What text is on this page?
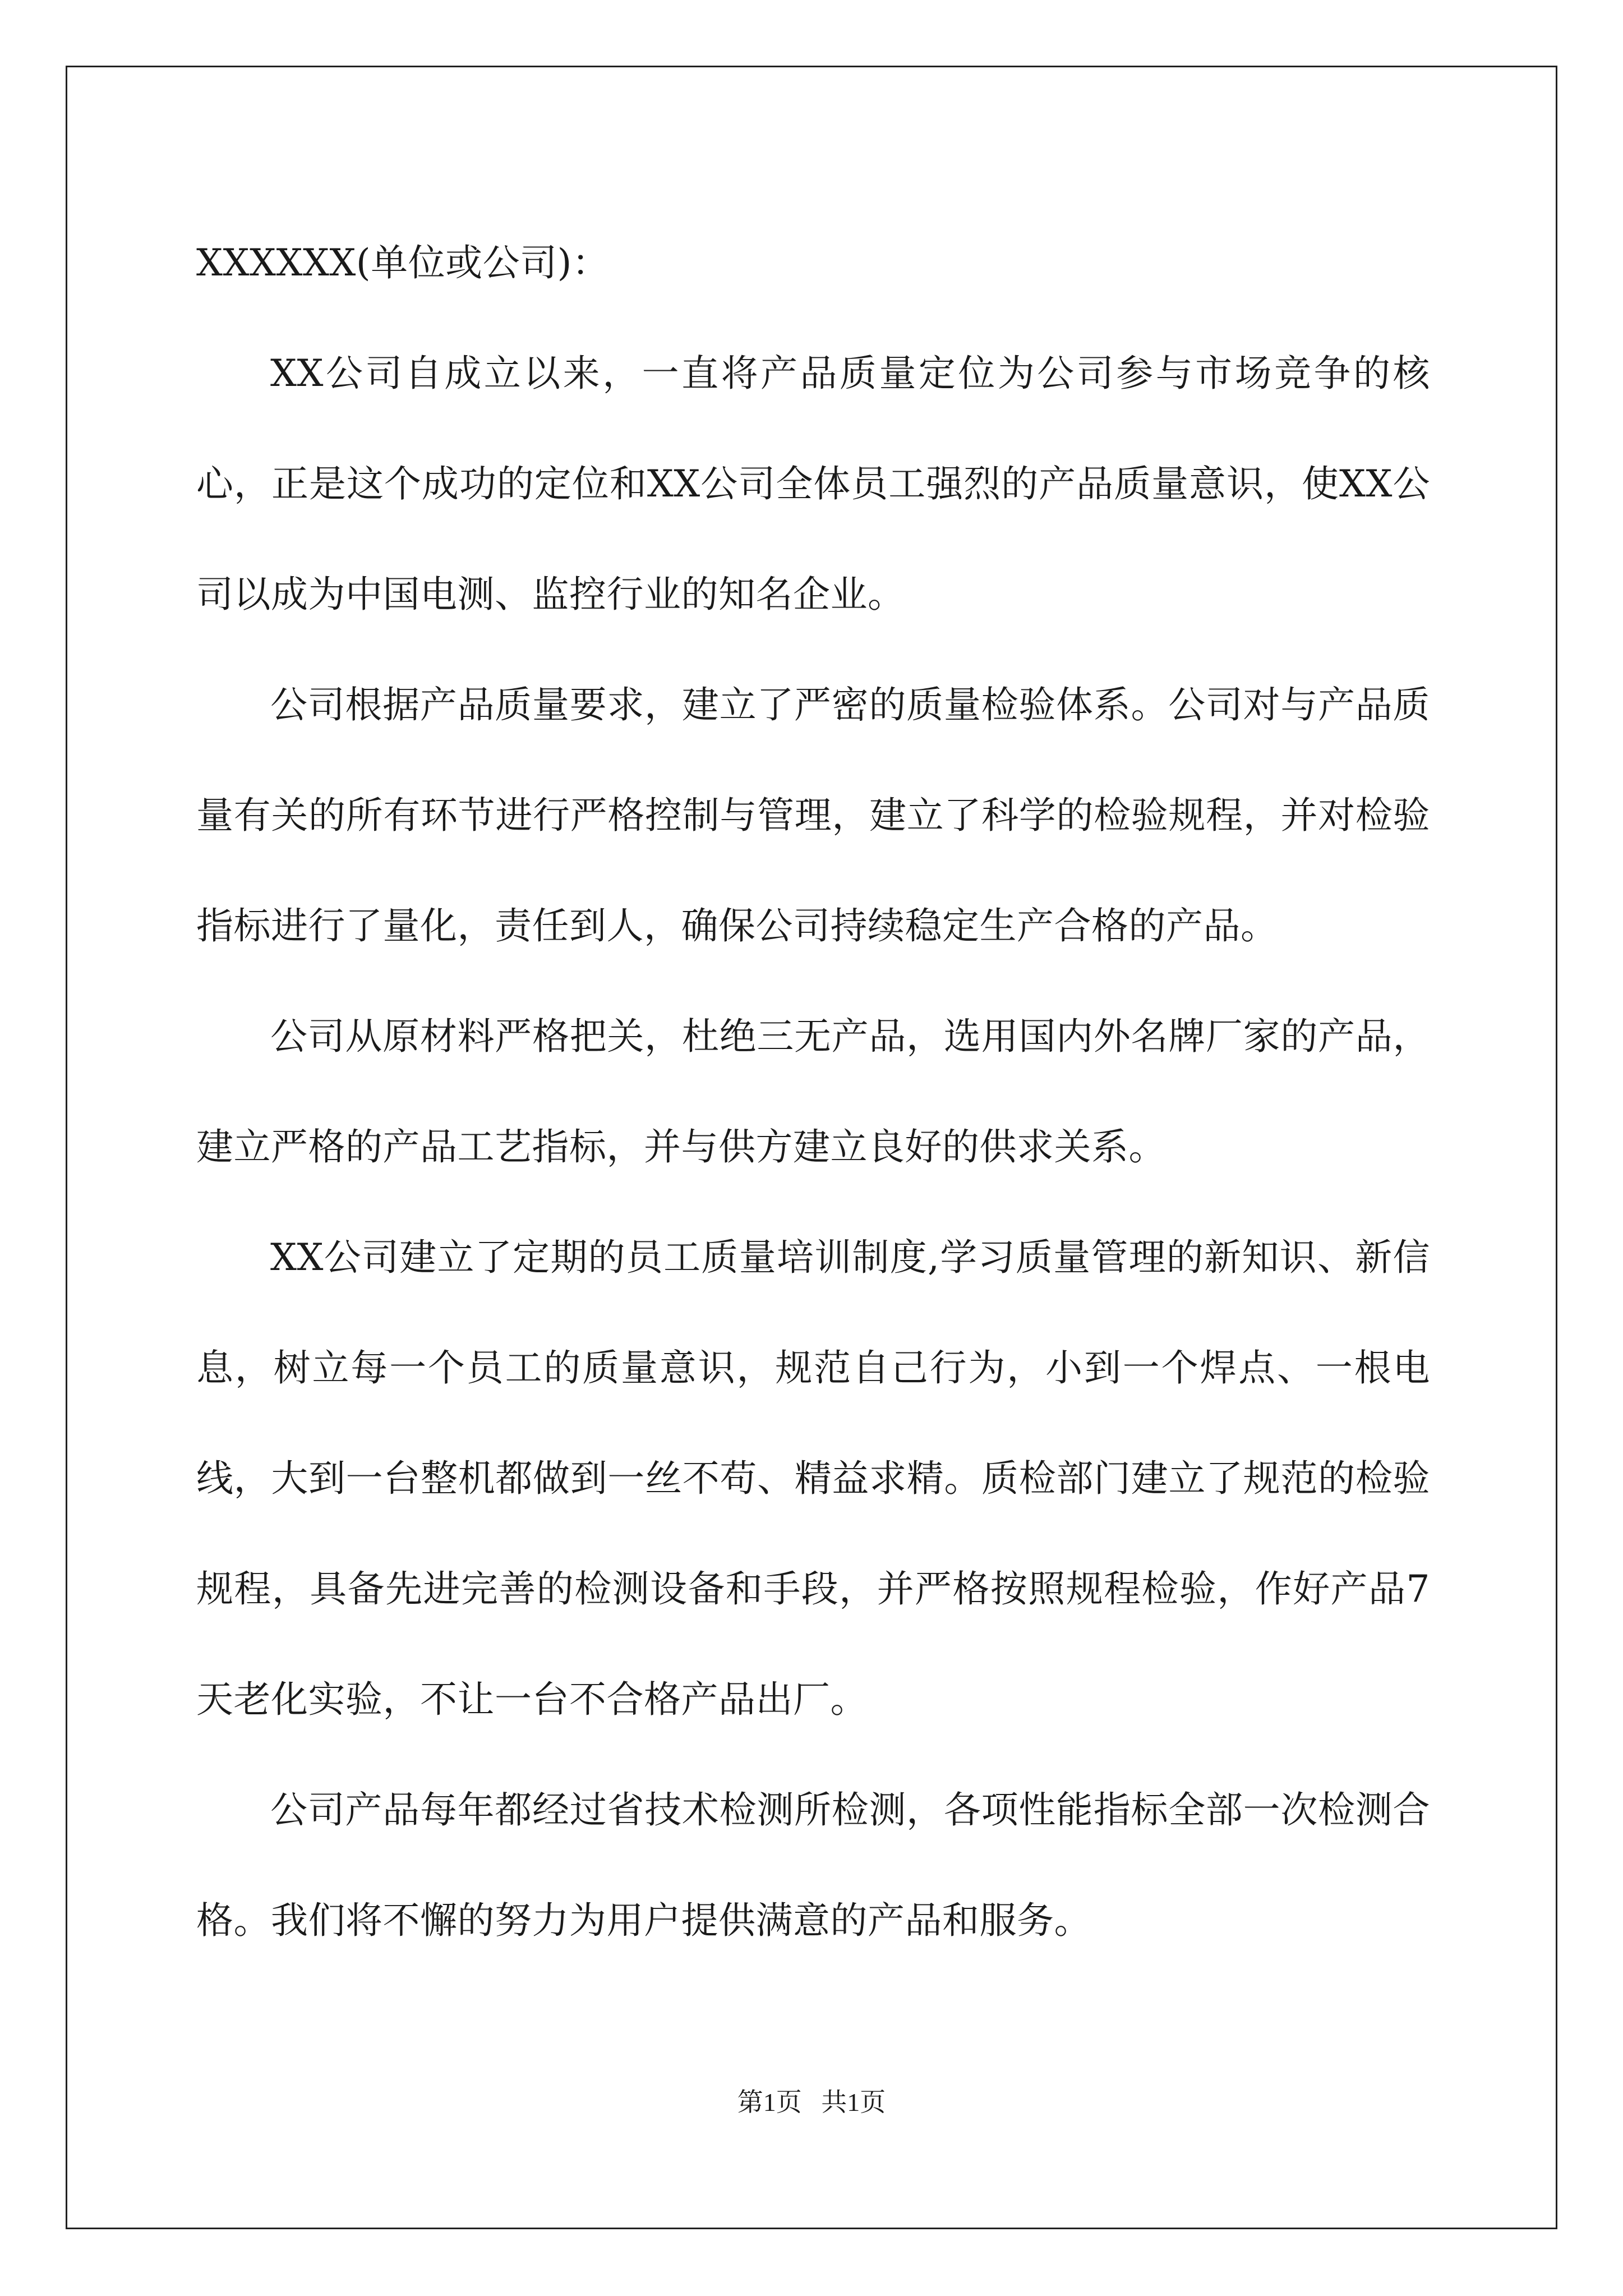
XXXXXX(单位或公司)：

XX公司自成立以来，一直将产品质量定位为公司参与市场竞争的核心，正是这个成功的定位和XX公司全体员工强烈的产品质量意识，使XX公司以成为中国电测、监控行业的知名企业。

公司根据产品质量要求，建立了严密的质量检验体系。公司对与产品质量有关的所有环节进行严格控制与管理，建立了科学的检验规程，并对检验指标进行了量化，责任到人，确保公司持续稳定生产合格的产品。

公司从原材料严格把关，杜绝三无产品，选用国内外名牌厂家的产品，建立严格的产品工艺指标，并与供方建立良好的供求关系。

XX公司建立了定期的员工质量培训制度,学习质量管理的新知识、新信息，树立每一个员工的质量意识，规范自己行为，小到一个焊点、一根电线，大到一台整机都做到一丝不苟、精益求精。质检部门建立了规范的检验规程，具备先进完善的检测设备和手段，并严格按照规程检验，作好产品7天老化实验，不让一台不合格产品出厂。

公司产品每年都经过省技术检测所检测，各项性能指标全部一次检测合格。我们将不懈的努力为用户提供满意的产品和服务。

第1页   共1页
